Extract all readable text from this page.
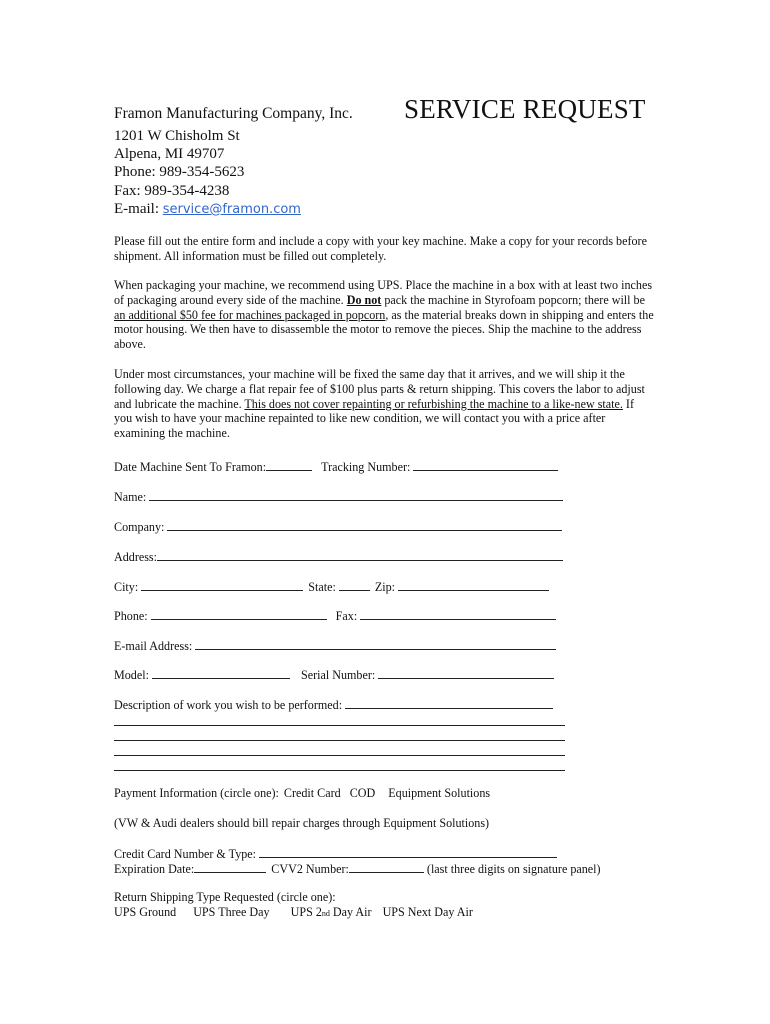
Framon Manufacturing Company, Inc.
1201 W Chisholm St
Alpena, MI 49707
Phone: 989-354-5623
Fax: 989-354-4238
E-mail: service@framon.com
SERVICE REQUEST
Please fill out the entire form and include a copy with your key machine. Make a copy for your records before shipment. All information must be filled out completely.
When packaging your machine, we recommend using UPS. Place the machine in a box with at least two inches of packaging around every side of the machine. Do not pack the machine in Styrofoam popcorn; there will be an additional $50 fee for machines packaged in popcorn, as the material breaks down in shipping and enters the motor housing. We then have to disassemble the motor to remove the pieces. Ship the machine to the address above.
Under most circumstances, your machine will be fixed the same day that it arrives, and we will ship it the following day. We charge a flat repair fee of $100 plus parts & return shipping. This covers the labor to adjust and lubricate the machine. This does not cover repainting or refurbishing the machine to a like-new state. If you wish to have your machine repainted to like new condition, we will contact you with a price after examining the machine.
Date Machine Sent To Framon:	Tracking Number:
Name:
Company:
Address:
City:	State:	Zip:
Phone:	Fax:
E-mail Address:
Model:	Serial Number:
Description of work you wish to be performed:
Payment Information (circle one): Credit Card COD Equipment Solutions
(VW & Audi dealers should bill repair charges through Equipment Solutions)
Credit Card Number & Type:
Expiration Date:	CVV2 Number:	(last three digits on signature panel)
Return Shipping Type Requested (circle one):
UPS Ground UPS Three Day UPS 2nd Day Air UPS Next Day Air
